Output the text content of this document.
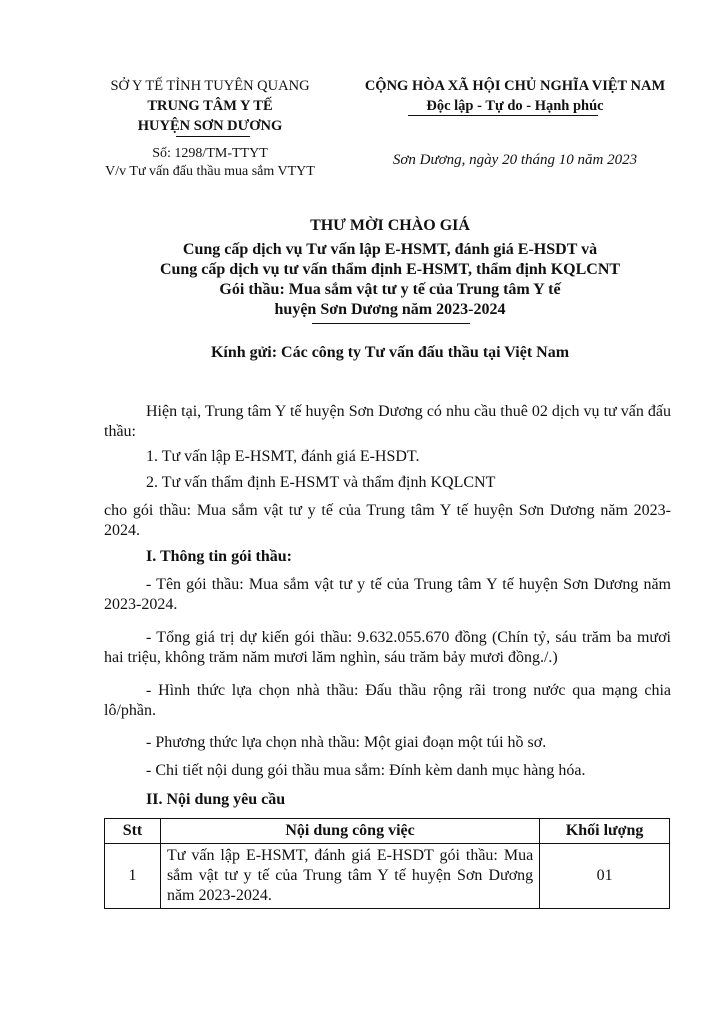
SỞ Y TẾ TỈNH TUYÊN QUANG
TRUNG TÂM Y TẾ
HUYỆN SƠN DƯƠNG
CỘNG HÒA XÃ HỘI CHỦ NGHĨA VIỆT NAM
Độc lập - Tự do - Hạnh phúc
Số: 1298/TM-TTYT
V/v Tư vấn đấu thầu mua sắm VTYT
Sơn Dương, ngày 20 tháng 10 năm 2023
THƯ MỜI CHÀO GIÁ
Cung cấp dịch vụ Tư vấn lập E-HSMT, đánh giá E-HSDT và
Cung cấp dịch vụ tư vấn thẩm định E-HSMT, thẩm định KQLCNT
Gói thầu: Mua sắm vật tư y tế của Trung tâm Y tế
huyện Sơn Dương năm 2023-2024
Kính gửi: Các công ty Tư vấn đấu thầu tại Việt Nam
Hiện tại, Trung tâm Y tế huyện Sơn Dương có nhu cầu thuê 02 dịch vụ tư vấn đấu thầu:
1. Tư vấn lập E-HSMT, đánh giá E-HSDT.
2. Tư vấn thẩm định E-HSMT và thẩm định KQLCNT
cho gói thầu: Mua sắm vật tư y tế của Trung tâm Y tế huyện Sơn Dương năm 2023-2024.
I. Thông tin gói thầu:
- Tên gói thầu: Mua sắm vật tư y tế của Trung tâm Y tế huyện Sơn Dương năm 2023-2024.
- Tổng giá trị dự kiến gói thầu: 9.632.055.670 đồng (Chín tỷ, sáu trăm ba mươi hai triệu, không trăm năm mươi lăm nghìn, sáu trăm bảy mươi đồng./.)
- Hình thức lựa chọn nhà thầu: Đấu thầu rộng rãi trong nước qua mạng chia lô/phần.
- Phương thức lựa chọn nhà thầu: Một giai đoạn một túi hồ sơ.
- Chi tiết nội dung gói thầu mua sắm: Đính kèm danh mục hàng hóa.
II. Nội dung yêu cầu
Stt	Nội dung công việc	Khối lượng
1	Tư vấn lập E-HSMT, đánh giá E-HSDT gói thầu: Mua sắm vật tư y tế của Trung tâm Y tế huyện Sơn Dương năm 2023-2024.	01
